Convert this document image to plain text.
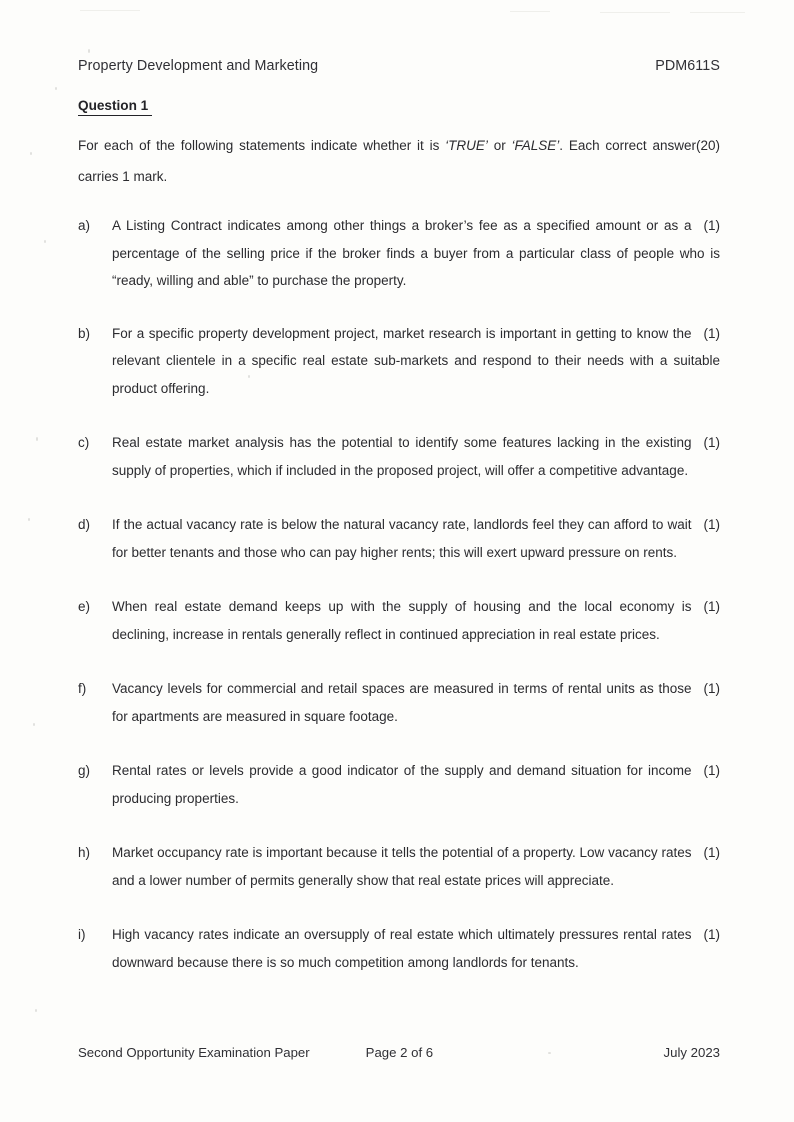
Property Development and Marketing	PDM611S
Question 1
(20)
For each of the following statements indicate whether it is ‘TRUE’ or ‘FALSE’. Each correct answer carries 1 mark.
a)	(1)
A Listing Contract indicates among other things a broker’s fee as a specified amount or as a percentage of the selling price if the broker finds a buyer from a particular class of people who is “ready, willing and able” to purchase the property.
b)	(1)
For a specific property development project, market research is important in getting to know the relevant clientele in a specific real estate sub-markets and respond to their needs with a suitable product offering.
c)	(1)
Real estate market analysis has the potential to identify some features lacking in the existing supply of properties, which if included in the proposed project, will offer a competitive advantage.
d)	(1)
If the actual vacancy rate is below the natural vacancy rate, landlords feel they can afford to wait for better tenants and those who can pay higher rents; this will exert upward pressure on rents.
e)	(1)
When real estate demand keeps up with the supply of housing and the local economy is declining, increase in rentals generally reflect in continued appreciation in real estate prices.
f)	(1)
Vacancy levels for commercial and retail spaces are measured in terms of rental units as those for apartments are measured in square footage.
g)	(1)
Rental rates or levels provide a good indicator of the supply and demand situation for income producing properties.
h)	(1)
Market occupancy rate is important because it tells the potential of a property. Low vacancy rates and a lower number of permits generally show that real estate prices will appreciate.
i)	(1)
High vacancy rates indicate an oversupply of real estate which ultimately pressures rental rates downward because there is so much competition among landlords for tenants.
Second Opportunity Examination Paper	Page 2 of 6	July 2023
